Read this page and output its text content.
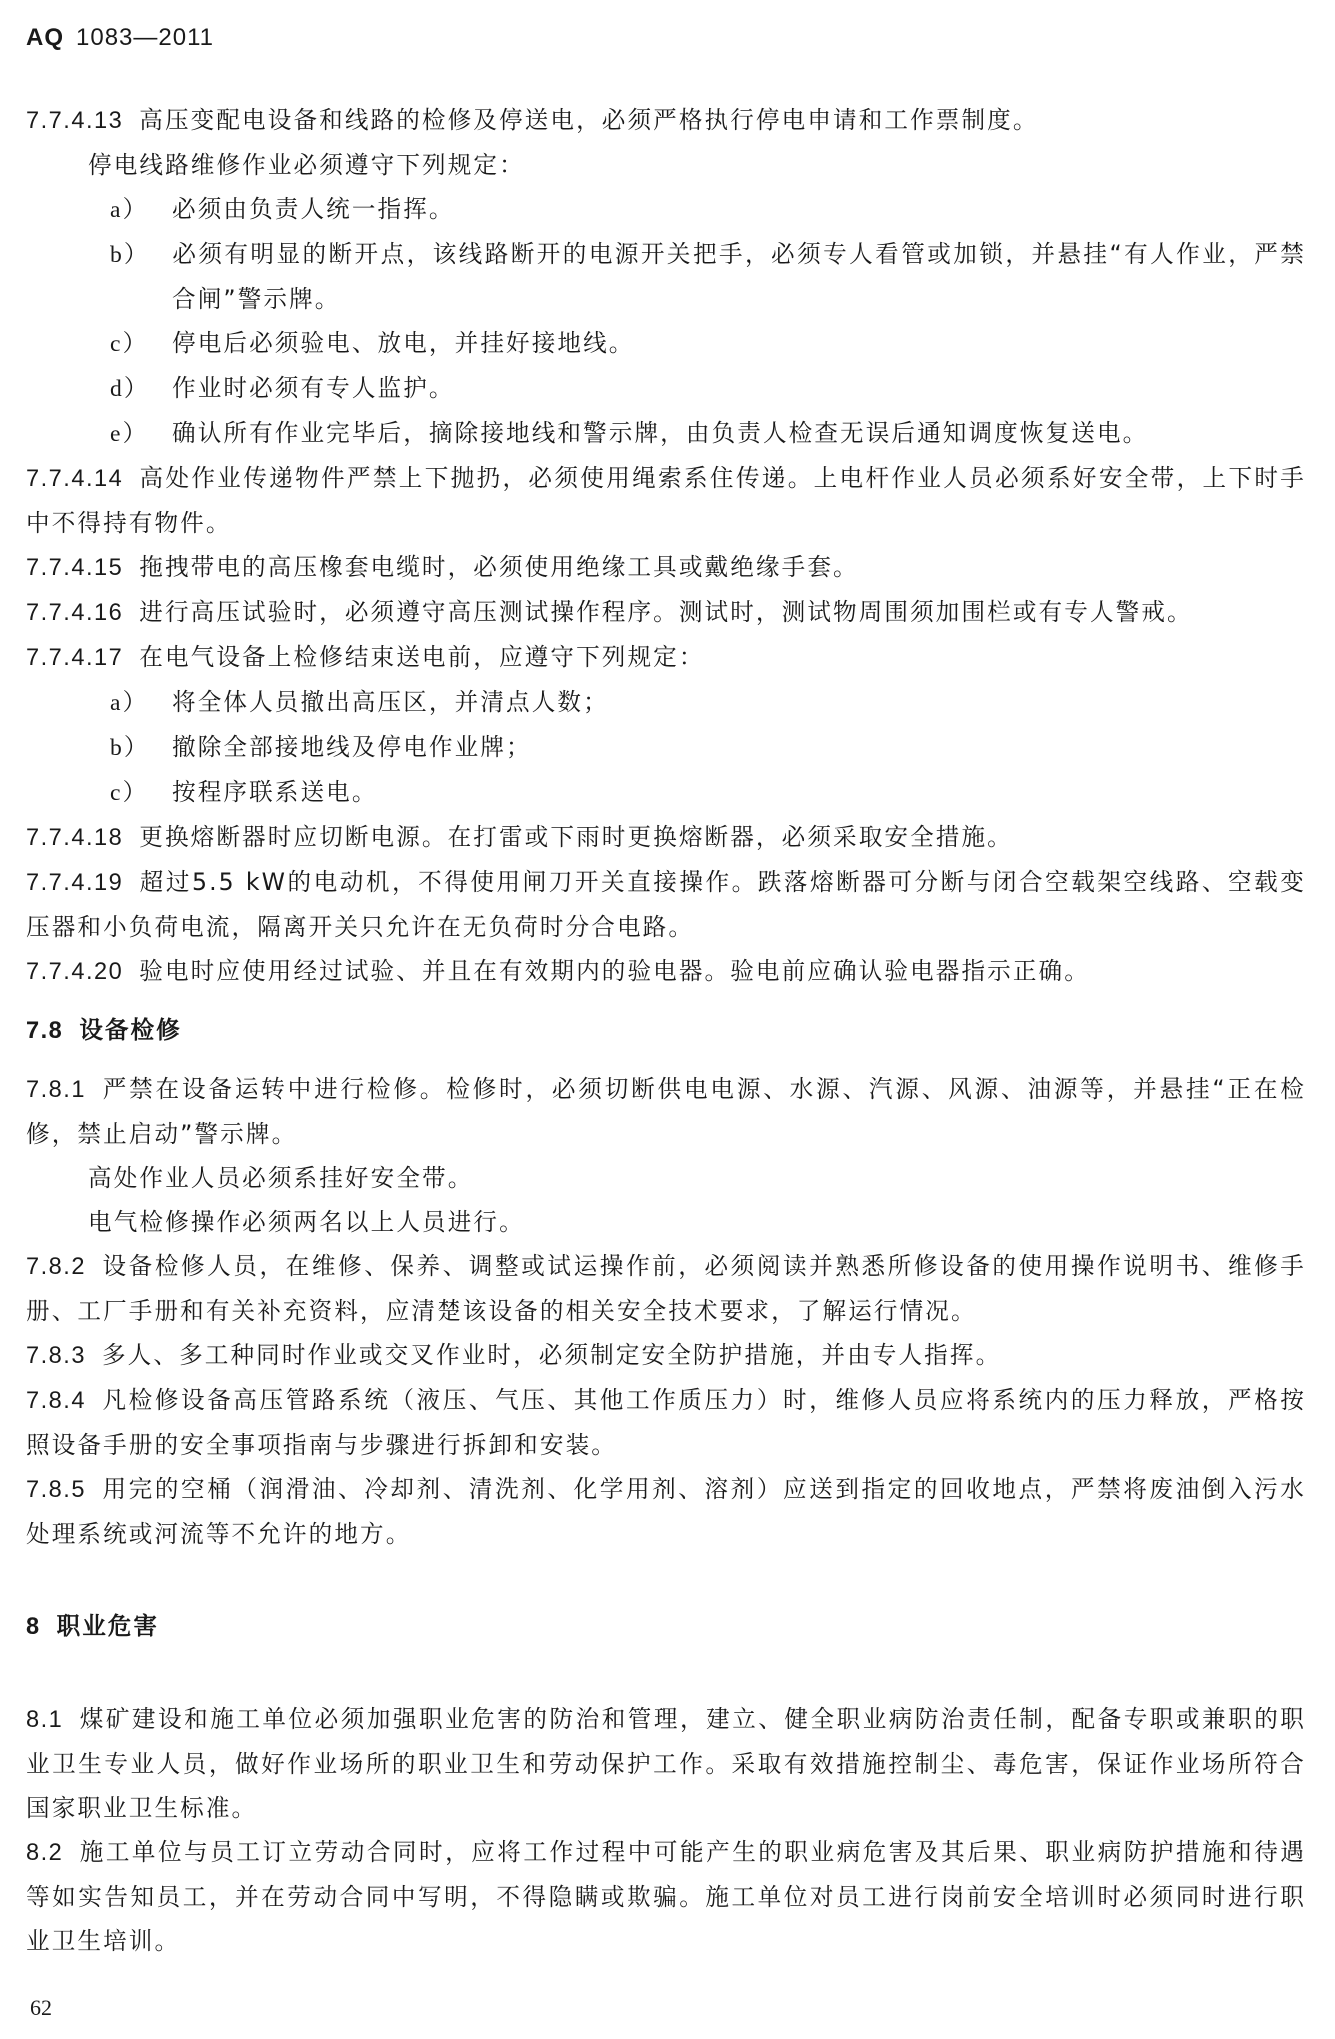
AQ 1083—2011

7.7.4.13 高压变配电设备和线路的检修及停送电，必须严格执行停电申请和工作票制度。

停电线路维修作业必须遵守下列规定：

a） 必须由负责人统一指挥。

b） 必须有明显的断开点，该线路断开的电源开关把手，必须专人看管或加锁，并悬挂“有人作业，严禁合闸”警示牌。

c） 停电后必须验电、放电，并挂好接地线。

d） 作业时必须有专人监护。

e） 确认所有作业完毕后，摘除接地线和警示牌，由负责人检查无误后通知调度恢复送电。

7.7.4.14 高处作业传递物件严禁上下抛扔，必须使用绳索系住传递。上电杆作业人员必须系好安全带，上下时手中不得持有物件。

7.7.4.15 拖拽带电的高压橡套电缆时，必须使用绝缘工具或戴绝缘手套。

7.7.4.16 进行高压试验时，必须遵守高压测试操作程序。测试时，测试物周围须加围栏或有专人警戒。

7.7.4.17 在电气设备上检修结束送电前，应遵守下列规定：

a） 将全体人员撤出高压区，并清点人数；

b） 撤除全部接地线及停电作业牌；

c） 按程序联系送电。

7.7.4.18 更换熔断器时应切断电源。在打雷或下雨时更换熔断器，必须采取安全措施。

7.7.4.19 超过5.5 kW的电动机，不得使用闸刀开关直接操作。跌落熔断器可分断与闭合空载架空线路、空载变压器和小负荷电流，隔离开关只允许在无负荷时分合电路。

7.7.4.20 验电时应使用经过试验、并且在有效期内的验电器。验电前应确认验电器指示正确。

7.8 设备检修

7.8.1 严禁在设备运转中进行检修。检修时，必须切断供电电源、水源、汽源、风源、油源等，并悬挂“正在检修，禁止启动”警示牌。

高处作业人员必须系挂好安全带。

电气检修操作必须两名以上人员进行。

7.8.2 设备检修人员，在维修、保养、调整或试运操作前，必须阅读并熟悉所修设备的使用操作说明书、维修手册、工厂手册和有关补充资料，应清楚该设备的相关安全技术要求，了解运行情况。

7.8.3 多人、多工种同时作业或交叉作业时，必须制定安全防护措施，并由专人指挥。

7.8.4 凡检修设备高压管路系统（液压、气压、其他工作质压力）时，维修人员应将系统内的压力释放，严格按照设备手册的安全事项指南与步骤进行拆卸和安装。

7.8.5 用完的空桶（润滑油、冷却剂、清洗剂、化学用剂、溶剂）应送到指定的回收地点，严禁将废油倒入污水处理系统或河流等不允许的地方。

8 职业危害

8.1 煤矿建设和施工单位必须加强职业危害的防治和管理，建立、健全职业病防治责任制，配备专职或兼职的职业卫生专业人员，做好作业场所的职业卫生和劳动保护工作。采取有效措施控制尘、毒危害，保证作业场所符合国家职业卫生标准。

8.2 施工单位与员工订立劳动合同时，应将工作过程中可能产生的职业病危害及其后果、职业病防护措施和待遇等如实告知员工，并在劳动合同中写明，不得隐瞒或欺骗。施工单位对员工进行岗前安全培训时必须同时进行职业卫生培训。

62
